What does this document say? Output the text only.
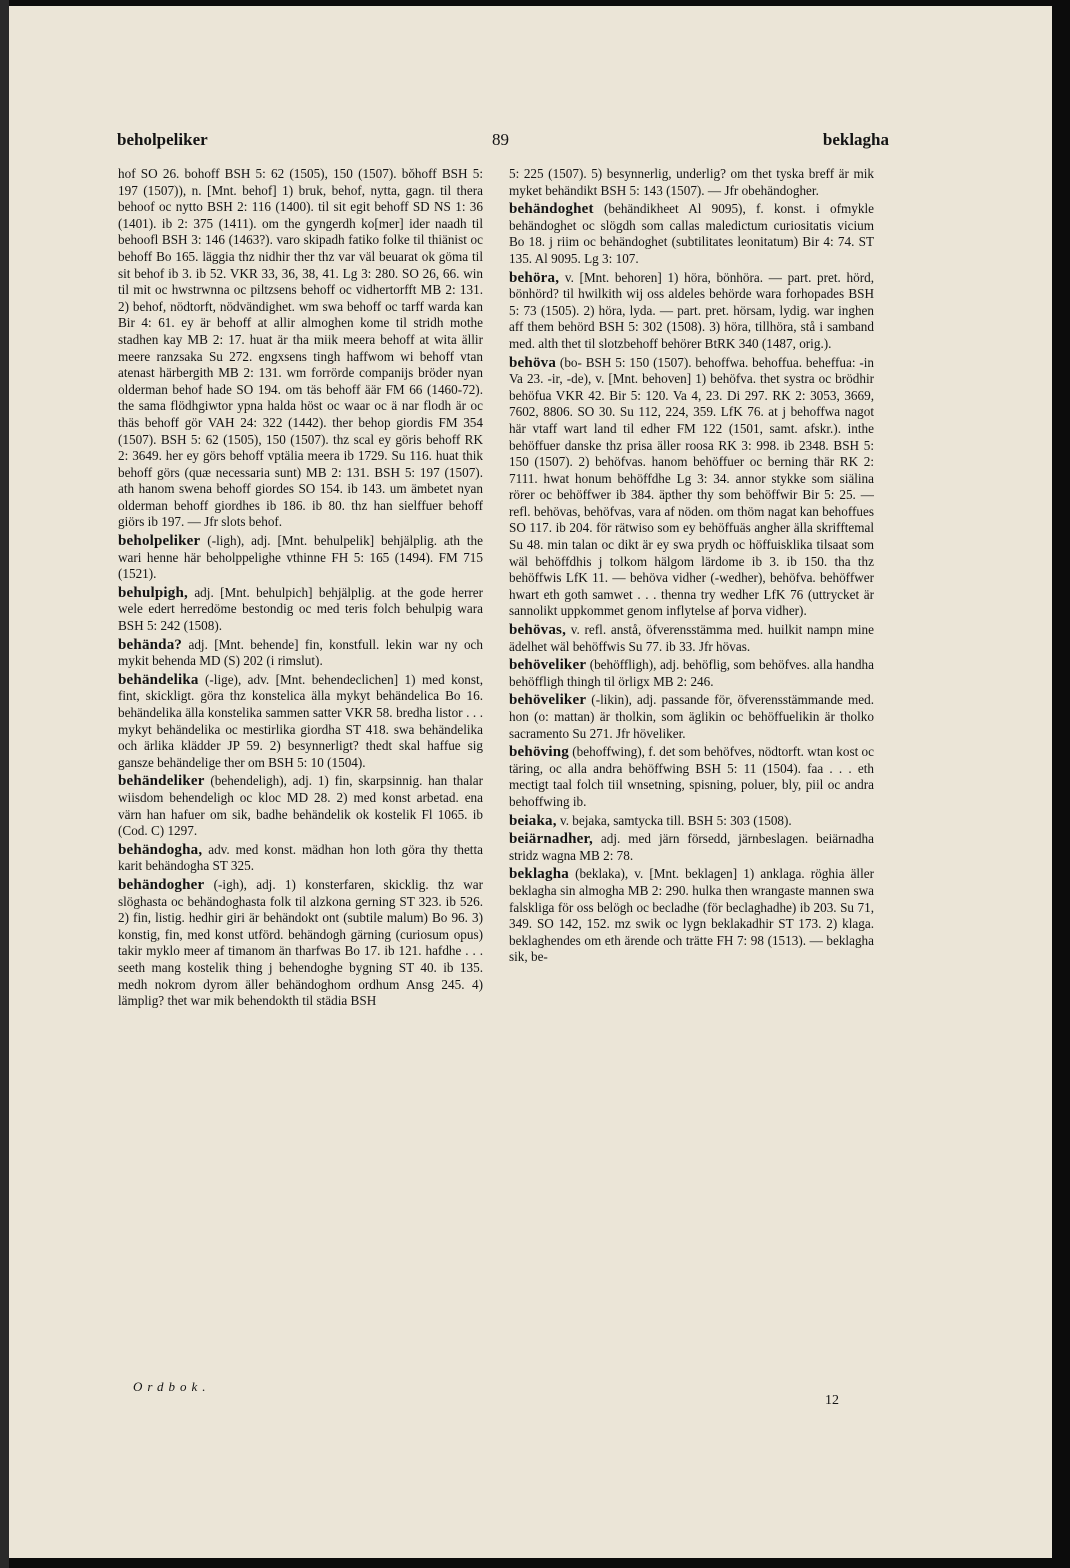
beholpeliker	89	beklagha

hof SO 26. bohoff BSH 5: 62 (1505), 150 (1507). bŏhoff BSH 5: 197 (1507)), n. [Mnt. behof] 1) bruk, behof, nytta, gagn. til thera behoof oc nytto BSH 2: 116 (1400). til sit egit behoff SD NS 1: 36 (1401). ib 2: 375 (1411). om the gyngerdh ko[mer] ider naadh til behoofl BSH 3: 146 (1463?). varo skipadh fatiko folke til thiänist oc behoff Bo 165. läggia thz nidhir ther thz var väl beuarat ok göma til sit behof ib 3. ib 52. VKR 33, 36, 38, 41. Lg 3: 280. SO 26, 66. win til mit oc hwstrwnna oc piltzsens behoff oc vidhertorfft MB 2: 131. 2) behof, nödtorft, nödvändighet. wm swa behoff oc tarff warda kan Bir 4: 61. ey är behoff at allir almoghen kome til stridh mothe stadhen kay MB 2: 17. huat är tha miik meera behoff at wita ällir meere ranzsaka Su 272. engxsens tingh haffwom wi behoff vtan atenast härbergith MB 2: 131. wm forrörde companijs bröder nyan olderman behof hade SO 194. om täs behoff äär FM 66 (1460-72). the sama flödhgiwtor ypna halda höst oc waar oc ä nar flodh är oc thäs behoff gör VAH 24: 322 (1442). ther behop giordis FM 354 (1507). BSH 5: 62 (1505), 150 (1507). thz scal ey göris behoff RK 2: 3649. her ey görs behoff vptälia meera ib 1729. Su 116. huat thik behoff görs (quæ necessaria sunt) MB 2: 131. BSH 5: 197 (1507). ath hanom swena behoff giordes SO 154. ib 143. um ämbetet nyan olderman behoff giordhes ib 186. ib 80. thz han sielffuer behoff giörs ib 197. — Jfr slots behof.

beholpeliker (-ligh), adj. [Mnt. behulpelik] behjälplig. ath the wari henne här beholppelighe vthinne FH 5: 165 (1494). FM 715 (1521).

behulpigh, adj. [Mnt. behulpich] behjälplig. at the gode herrer wele edert herredöme bestondig oc med teris folch behulpig wara BSH 5: 242 (1508).

behända? adj. [Mnt. behende] fin, konstfull. lekin war ny och mykit behenda MD (S) 202 (i rimslut).

behändelika (-lige), adv. [Mnt. behendeclichen] 1) med konst, fint, skickligt. göra thz konstelica älla mykyt behändelica Bo 16. behändelika älla konstelika sammen satter VKR 58. bredha listor . . . mykyt behändelika oc mestirlika giordha ST 418. swa behändelika och ärlika klädder JP 59. 2) besynnerligt? thedt skal haffue sig gansze behändelige ther om BSH 5: 10 (1504).

behändeliker (behendeligh), adj. 1) fin, skarpsinnig. han thalar wiisdom behendeligh oc kloc MD 28. 2) med konst arbetad. ena värn han hafuer om sik, badhe behändelik ok kostelik Fl 1065. ib (Cod. C) 1297.

behändogha, adv. med konst. mädhan hon loth göra thy thetta karit behändogha ST 325.

behändogher (-igh), adj. 1) konsterfaren, skicklig. thz war slöghasta oc behändoghasta folk til alzkona gerning ST 323. ib 526. 2) fin, listig. hedhir giri är behändokt ont (subtile malum) Bo 96. 3) konstig, fin, med konst utförd. behändogh gärning (curiosum opus) takir myklo meer af timanom än tharfwas Bo 17. ib 121. hafdhe . . . seeth mang kostelik thing j behendoghe bygning ST 40. ib 135. medh nokrom dyrom äller behändoghom ordhum Ansg 245. 4) lämplig? thet war mik behendokth til städia BSH

5: 225 (1507). 5) besynnerlig, underlig? om thet tyska breff är mik myket behändikt BSH 5: 143 (1507). — Jfr obehändogher.

behändoghet (behändikheet Al 9095), f. konst. i ofmykle behändoghet oc slögdh som callas maledictum curiositatis vicium Bo 18. j riim oc behändoghet (subtilitates leonitatum) Bir 4: 74. ST 135. Al 9095. Lg 3: 107.

behöra, v. [Mnt. behoren] 1) höra, bönhöra. — part. pret. hörd, bönhörd? til hwilkith wij oss aldeles behörde wara forhopades BSH 5: 73 (1505). 2) höra, lyda. — part. pret. hörsam, lydig. war inghen aff them behörd BSH 5: 302 (1508). 3) höra, tillhöra, stå i samband med. alth thet til slotzbehoff behörer BtRK 340 (1487, orig.).

behöva (bo- BSH 5: 150 (1507). behoffwa. behoffua. beheffua: -in Va 23. -ir, -de), v. [Mnt. behoven] 1) behöfva. thet systra oc brödhir behöfua VKR 42. Bir 5: 120. Va 4, 23. Di 297. RK 2: 3053, 3669, 7602, 8806. SO 30. Su 112, 224, 359. LfK 76. at j behoffwa nagot här vtaff wart land til edher FM 122 (1501, samt. afskr.). inthe behöffuer danske thz prisa äller roosa RK 3: 998. ib 2348. BSH 5: 150 (1507). 2) behöfvas. hanom behöffuer oc berning thär RK 2: 7111. hwat honum behöffdhe Lg 3: 34. annor stykke som siälina rörer oc behöffwer ib 384. äpther thy som behöffwir Bir 5: 25. — refl. behövas, behöfvas, vara af nöden. om thöm nagat kan behoffues SO 117. ib 204. för rätwiso som ey behöffuäs angher älla skrifftemal Su 48. min talan oc dikt är ey swa prydh oc höffuisklika tilsaat som wäl behöffdhis j tolkom hälgom lärdome ib 3. ib 150. tha thz behöffwis LfK 11. — behöva vidher (-wedher), behöfva. behöffwer hwart eth goth samwet . . . thenna try wedher LfK 76 (uttrycket är sannolikt uppkommet genom inflytelse af þorva vidher).

behövas, v. refl. anstå, öfverensstämma med. huilkit nampn mine ädelhet wäl behöffwis Su 77. ib 33. Jfr hövas.

behöveliker (behöffligh), adj. behöflig, som behöfves. alla handha behöffligh thingh til örligx MB 2: 246.

behöveliker (-likin), adj. passande för, öfverensstämmande med. hon (o: mattan) är tholkin, som äglikin oc behöffuelikin är tholko sacramento Su 271. Jfr höveliker.

behöving (behoffwing), f. det som behöfves, nödtorft. wtan kost oc täring, oc alla andra behöffwing BSH 5: 11 (1504). faa . . . eth mectigt taal folch tiil wnsetning, spisning, poluer, bly, piil oc andra behoffwing ib.

beiaka, v. bejaka, samtycka till. BSH 5: 303 (1508).

beiärnadher, adj. med järn försedd, järnbeslagen. beiärnadha stridz wagna MB 2: 78.

beklagha (beklaka), v. [Mnt. beklagen] 1) anklaga. röghia äller beklagha sin almogha MB 2: 290. hulka then wrangaste mannen swa falskliga för oss belögh oc becladhe (för beclaghadhe) ib 203. Su 71, 349. SO 142, 152. mz swik oc lygn beklakadhir ST 173. 2) klaga. beklaghendes om eth ärende och trätte FH 7: 98 (1513). — beklagha sik, be-

Ordbok.
12
